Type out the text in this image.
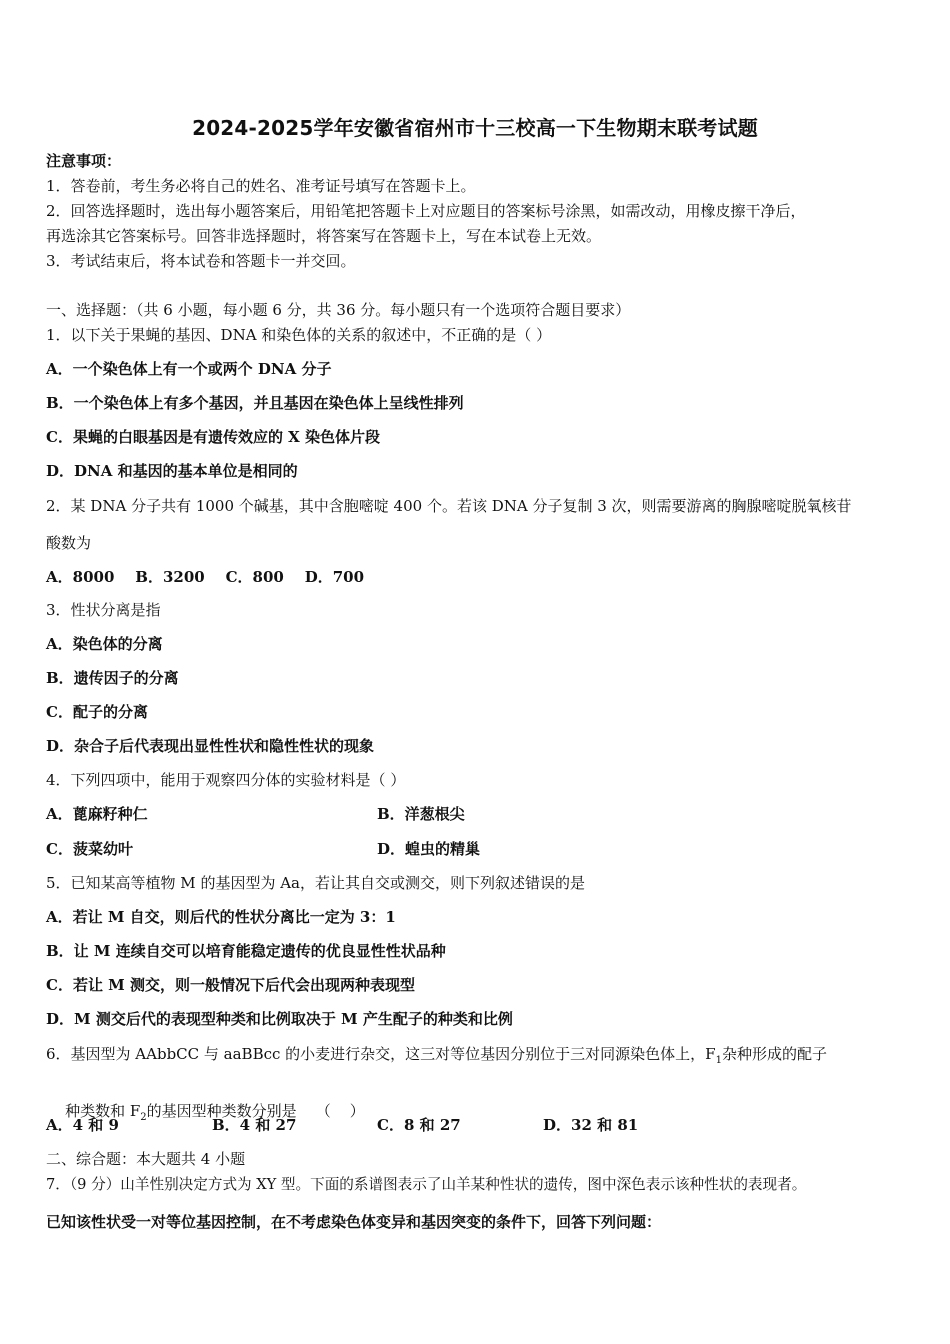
2024-2025学年安徽省宿州市十三校高一下生物期末联考试题
注意事项：
1．答卷前，考生务必将自己的姓名、准考证号填写在答题卡上。
2．回答选择题时，选出每小题答案后，用铅笔把答题卡上对应题目的答案标号涂黑，如需改动，用橡皮擦干净后，
再选涂其它答案标号。回答非选择题时，将答案写在答题卡上，写在本试卷上无效。
3．考试结束后，将本试卷和答题卡一并交回。
一、选择题：（共 6 小题，每小题 6 分，共 36 分。每小题只有一个选项符合题目要求）
1．以下关于果蝇的基因、DNA 和染色体的关系的叙述中，不正确的是（ ）
A．一个染色体上有一个或两个 DNA 分子
B．一个染色体上有多个基因，并且基因在染色体上呈线性排列
C．果蝇的白眼基因是有遗传效应的 X 染色体片段
D．DNA 和基因的基本单位是相同的
2．某 DNA 分子共有 1000 个碱基，其中含胞嘧啶 400 个。若该 DNA 分子复制 3 次，则需要游离的胸腺嘧啶脱氧核苷
酸数为
A．8000    B．3200    C．800    D．700
3．性状分离是指
A．染色体的分离
B．遗传因子的分离
C．配子的分离
D．杂合子后代表现出显性性状和隐性性状的现象
4．下列四项中，能用于观察四分体的实验材料是（ ）
A．蓖麻籽种仁	B．洋葱根尖
C．菠菜幼叶	D．蝗虫的精巢
5．已知某高等植物 M 的基因型为 Aa，若让其自交或测交，则下列叙述错误的是
A．若让 M 自交，则后代的性状分离比一定为 3：1
B．让 M 连续自交可以培育能稳定遗传的优良显性性状品种
C．若让 M 测交，则一般情况下后代会出现两种表现型
D．M 测交后代的表现型种类和比例取决于 M 产生配子的种类和比例
6．基因型为 AAbbCC 与 aaBBcc 的小麦进行杂交，这三对等位基因分别位于三对同源染色体上，$F_1$杂种形成的配子

种类数和 $F_2$的基因型种类数分别是    （    ）

A．4 和 9	B．4 和 27	C．8 和 27	D．32 和 81
二、综合题：本大题共 4 小题
7．（9 分）山羊性别决定方式为 XY 型。下面的系谱图表示了山羊某种性状的遗传，图中深色表示该种性状的表现者。
已知该性状受一对等位基因控制，在不考虑染色体变异和基因突变的条件下，回答下列问题：
